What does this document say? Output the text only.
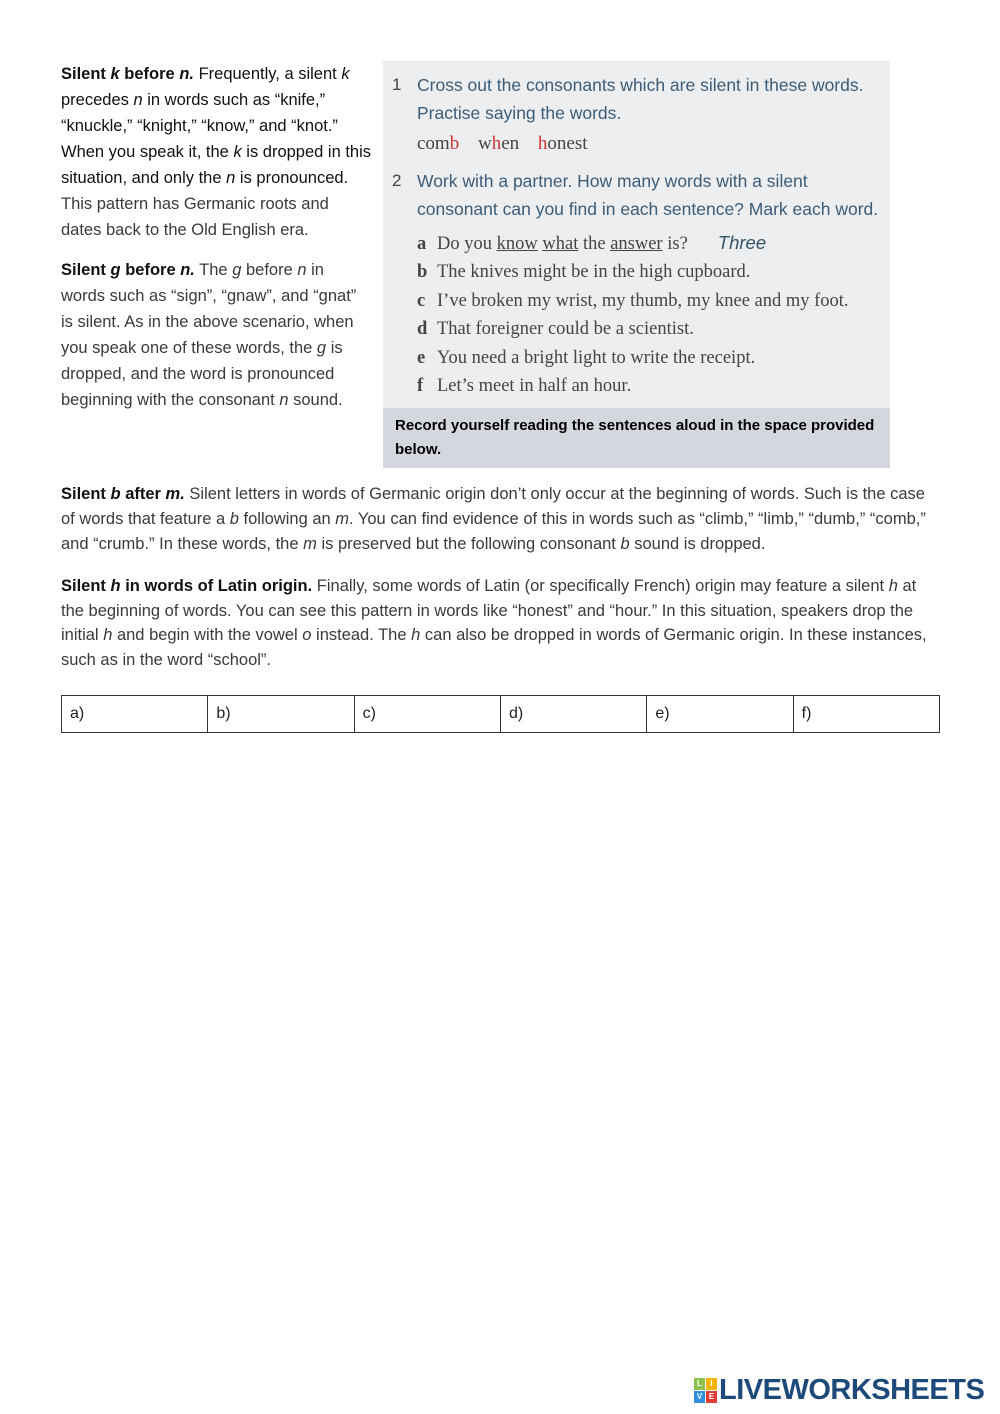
Silent k before n. Frequently, a silent k precedes n in words such as “knife,” “knuckle,” “knight,” “know,” and “knot.” When you speak it, the k is dropped in this situation, and only the n is pronounced. This pattern has Germanic roots and dates back to the Old English era.

Silent g before n. The g before n in words such as “sign”, “gnaw”, and “gnat” is silent. As in the above scenario, when you speak one of these words, the g is dropped, and the word is pronounced beginning with the consonant n sound.

1 Cross out the consonants which are silent in these words.
Practise saying the words.
comb when honest
2 Work with a partner. How many words with a silent
consonant can you find in each sentence? Mark each word.
a Do you know what the answer is? Three
b The knives might be in the high cupboard.
c I’ve broken my wrist, my thumb, my knee and my foot.
d That foreigner could be a scientist.
e You need a bright light to write the receipt.
f Let’s meet in half an hour.
Record yourself reading the sentences aloud in the space provided below.
Silent b after m. Silent letters in words of Germanic origin don’t only occur at the beginning of words. Such is the case of words that feature a b following an m. You can find evidence of this in words such as “climb,” “limb,” “dumb,” “comb,” and “crumb.” In these words, the m is preserved but the following consonant b sound is dropped.
Silent h in words of Latin origin. Finally, some words of Latin (or specifically French) origin may feature a silent h at the beginning of words. You can see this pattern in words like “honest” and “hour.” In this situation, speakers drop the initial h and begin with the vowel o instead. The h can also be dropped in words of Germanic origin. In these instances, such as in the word “school”.
a)	b)	c)	d)	e)	f)
L	I
V E LIVEWORKSHEETS
